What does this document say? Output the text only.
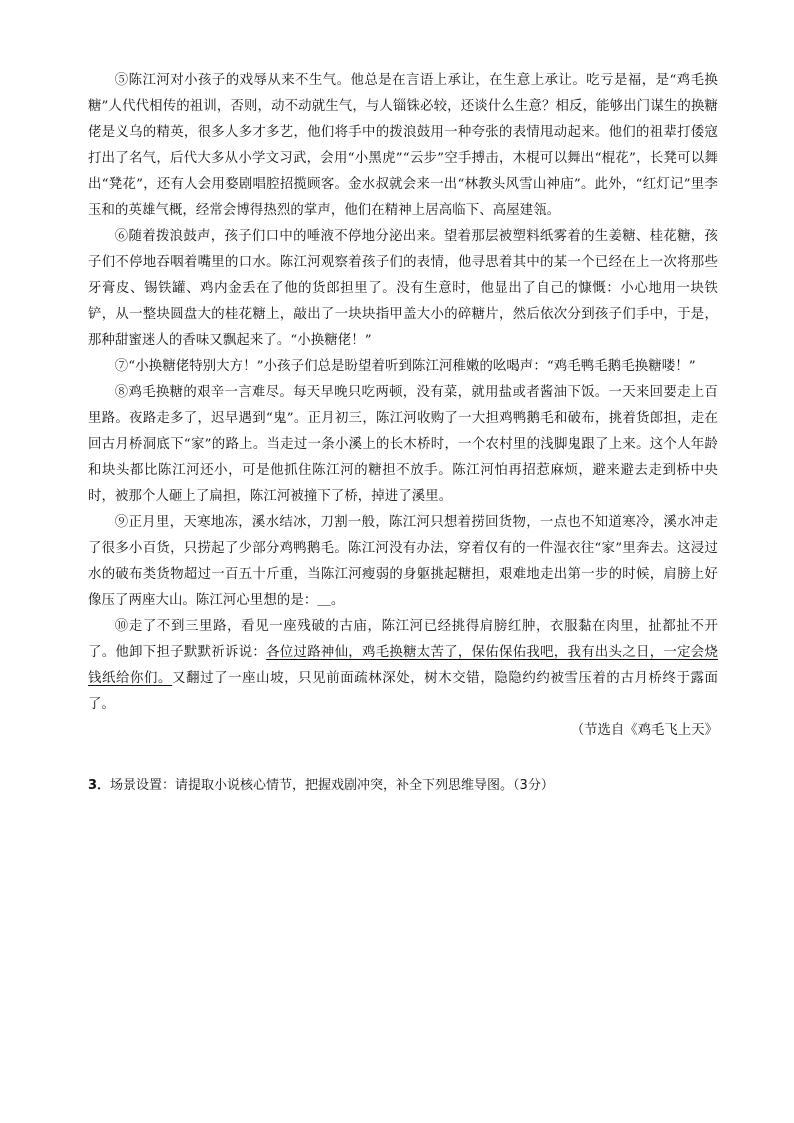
⑤陈江河对小孩子的戏辱从来不生气。他总是在言语上承让，在生意上承让。吃亏是福，是“鸡毛换糖”人代代相传的祖训，否则，动不动就生气，与人锱铢必较，还谈什么生意？相反，能够出门谋生的换糖佬是义乌的精英，很多人多才多艺，他们将手中的拨浪鼓用一种夸张的表情甩动起来。他们的祖辈打倭寇打出了名气，后代大多从小学文习武，会用“小黑虎”“云步”空手搏击，木棍可以舞出“棍花”，长凳可以舞出“凳花”，还有人会用婺剧唱腔招揽顾客。金水叔就会来一出“林教头风雪山神庙”。此外，“红灯记”里李玉和的英雄气概，经常会博得热烈的掌声，他们在精神上居高临下、高屋建瓴。

⑥随着拨浪鼓声，孩子们口中的唾液不停地分泌出来。望着那层被塑料纸雾着的生姜糖、桂花糖，孩子们不停地吞咽着嘴里的口水。陈江河观察着孩子们的表情，他寻思着其中的某一个已经在上一次将那些牙膏皮、锡铁罐、鸡内金丢在了他的货郎担里了。没有生意时，他显出了自己的慷慨：小心地用一块铁铲，从一整块圆盘大的桂花糖上，敲出了一块块指甲盖大小的碎糖片，然后依次分到孩子们手中，于是，那种甜蜜迷人的香味又飘起来了。“小换糖佬！”

⑦“小换糖佬特别大方！”小孩子们总是盼望着听到陈江河稚嫩的吆喝声：“鸡毛鸭毛鹅毛换糖喽！”

⑧鸡毛换糖的艰辛一言难尽。每天早晚只吃两顿，没有菜，就用盐或者酱油下饭。一天来回要走上百里路。夜路走多了，迟早遇到“鬼”。正月初三，陈江河收购了一大担鸡鸭鹅毛和破布，挑着货郎担，走在回古月桥洞底下“家”的路上。当走过一条小溪上的长木桥时，一个农村里的浅脚鬼跟了上来。这个人年龄和块头都比陈江河还小，可是他抓住陈江河的糖担不放手。陈江河怕再招惹麻烦，避来避去走到桥中央时，被那个人砸上了扁担，陈江河被撞下了桥，掉进了溪里。

⑨正月里，天寒地冻，溪水结冰，刀割一般，陈江河只想着捞回货物，一点也不知道寒冷，溪水冲走了很多小百货，只捞起了少部分鸡鸭鹅毛。陈江河没有办法，穿着仅有的一件湿衣往“家”里奔去。这浸过水的破布类货物超过一百五十斤重，当陈江河瘦弱的身躯挑起糖担，艰难地走出第一步的时候，肩膀上好像压了两座大山。陈江河心里想的是：＿。

⑩走了不到三里路，看见一座残破的古庙，陈江河已经挑得肩膀红肿，衣服黏在肉里，扯都扯不开了。他卸下担子默默祈诉说：各位过路神仙，鸡毛换糖太苦了，保佑保佑我吧，我有出头之日，一定会烧钱纸给你们。又翻过了一座山坡，只见前面疏林深处，树木交错，隐隐约约被雪压着的古月桥终于露面了。

（节选自《鸡毛飞上天》

3．场景设置：请提取小说核心情节，把握戏剧冲突，补全下列思维导图。（3分）
